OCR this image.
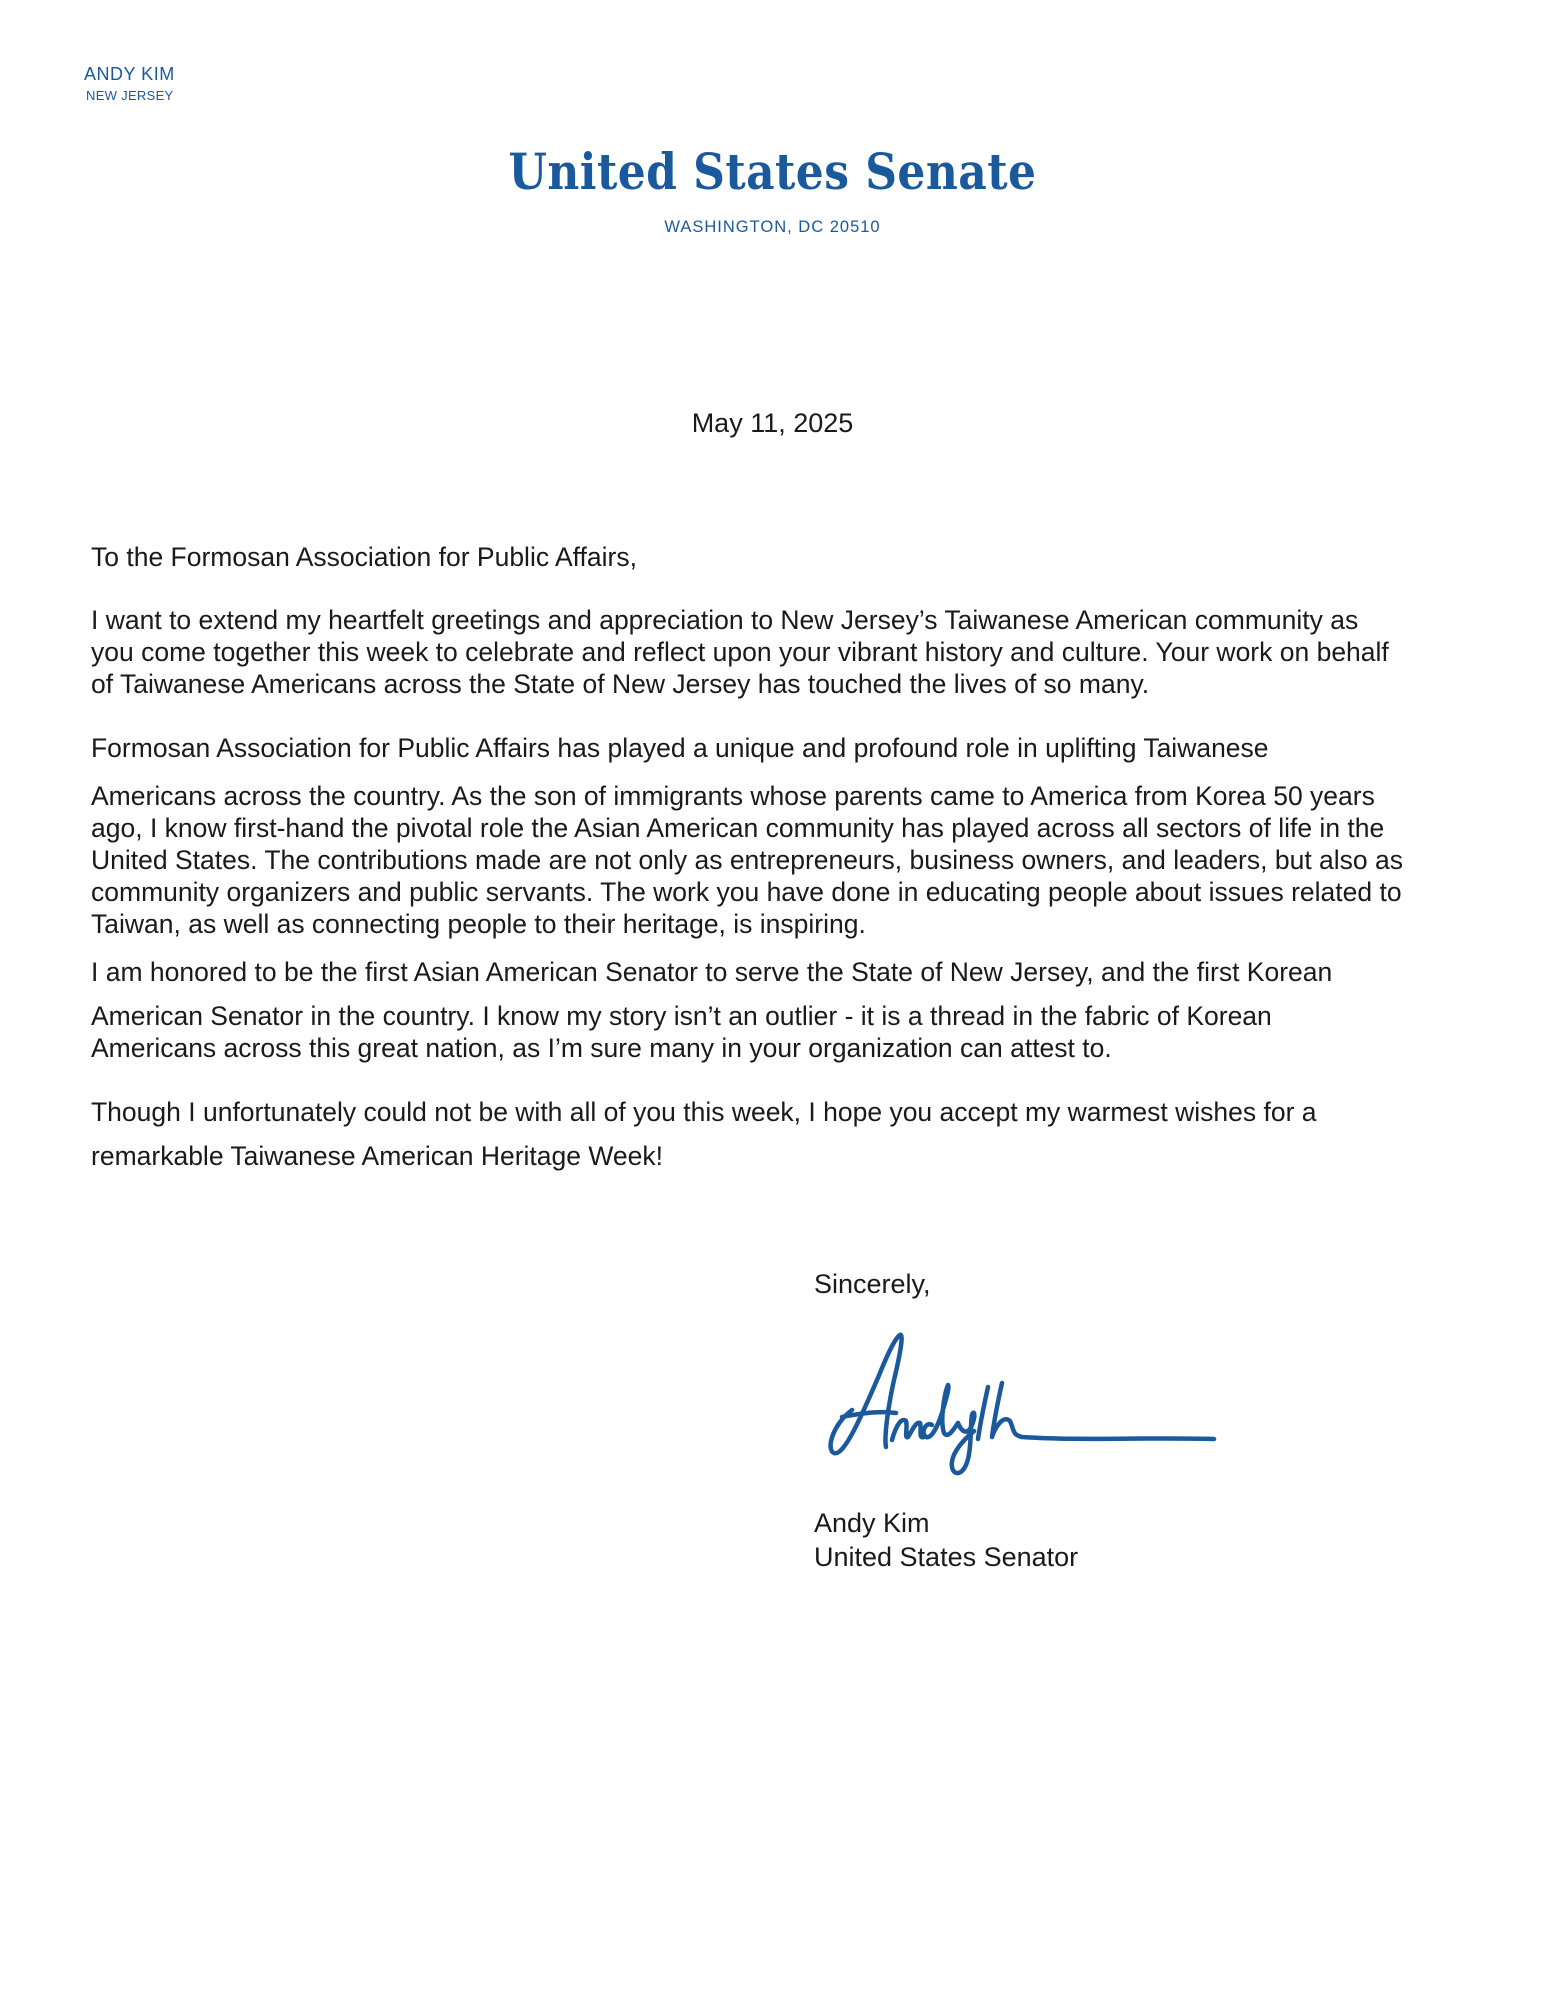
ANDY KIM
NEW JERSEY
United States Senate
WASHINGTON, DC 20510
May 11, 2025
To the Formosan Association for Public Affairs,
I want to extend my heartfelt greetings and appreciation to New Jersey’s Taiwanese American community as
you come together this week to celebrate and reflect upon your vibrant history and culture. Your work on behalf
of Taiwanese Americans across the State of New Jersey has touched the lives of so many.
Formosan Association for Public Affairs has played a unique and profound role in uplifting Taiwanese
Americans across the country. As the son of immigrants whose parents came to America from Korea 50 years
ago, I know first-hand the pivotal role the Asian American community has played across all sectors of life in the
United States. The contributions made are not only as entrepreneurs, business owners, and leaders, but also as
community organizers and public servants. The work you have done in educating people about issues related to
Taiwan, as well as connecting people to their heritage, is inspiring.
I am honored to be the first Asian American Senator to serve the State of New Jersey, and the first Korean
American Senator in the country. I know my story isn’t an outlier - it is a thread in the fabric of Korean
Americans across this great nation, as I’m sure many in your organization can attest to.
Though I unfortunately could not be with all of you this week, I hope you accept my warmest wishes for a
remarkable Taiwanese American Heritage Week!
Sincerely,
Andy Kim
United States Senator
